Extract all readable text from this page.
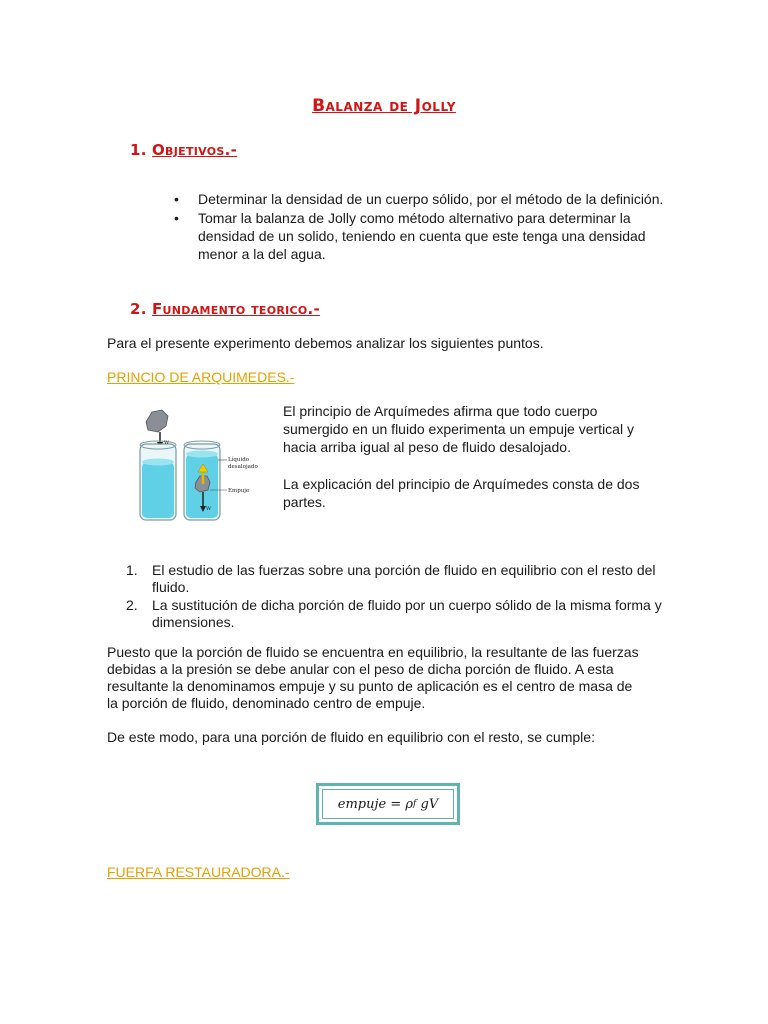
Balanza de Jolly
1. Objetivos.-
• Determinar la densidad de un cuerpo sólido, por el método de la definición.
• Tomar la balanza de Jolly como método alternativo para determinar la densidad de un solido, teniendo en cuenta que este tenga una densidad menor a la del agua.
2. Fundamento teorico.-
Para el presente experimento debemos analizar los siguientes puntos.
PRINCIO DE ARQUIMEDES.-
Líquido
desalojado
Empuje
W
W
El principio de Arquímedes afirma que todo cuerpo sumergido en un fluido experimenta un empuje vertical y hacia arriba igual al peso de fluido desalojado.
La explicación del principio de Arquímedes consta de dos partes.
1. El estudio de las fuerzas sobre una porción de fluido en equilibrio con el resto del fluido.
2. La sustitución de dicha porción de fluido por un cuerpo sólido de la misma forma y dimensiones.
Puesto que la porción de fluido se encuentra en equilibrio, la resultante de las fuerzas debidas a la presión se debe anular con el peso de dicha porción de fluido. A esta resultante la denominamos empuje y su punto de aplicación es el centro de masa de la porción de fluido, denominado centro de empuje.
De este modo, para una porción de fluido en equilibrio con el resto, se cumple:
empuje
=
ρ f
gV
FUERFA RESTAURADORA.-
